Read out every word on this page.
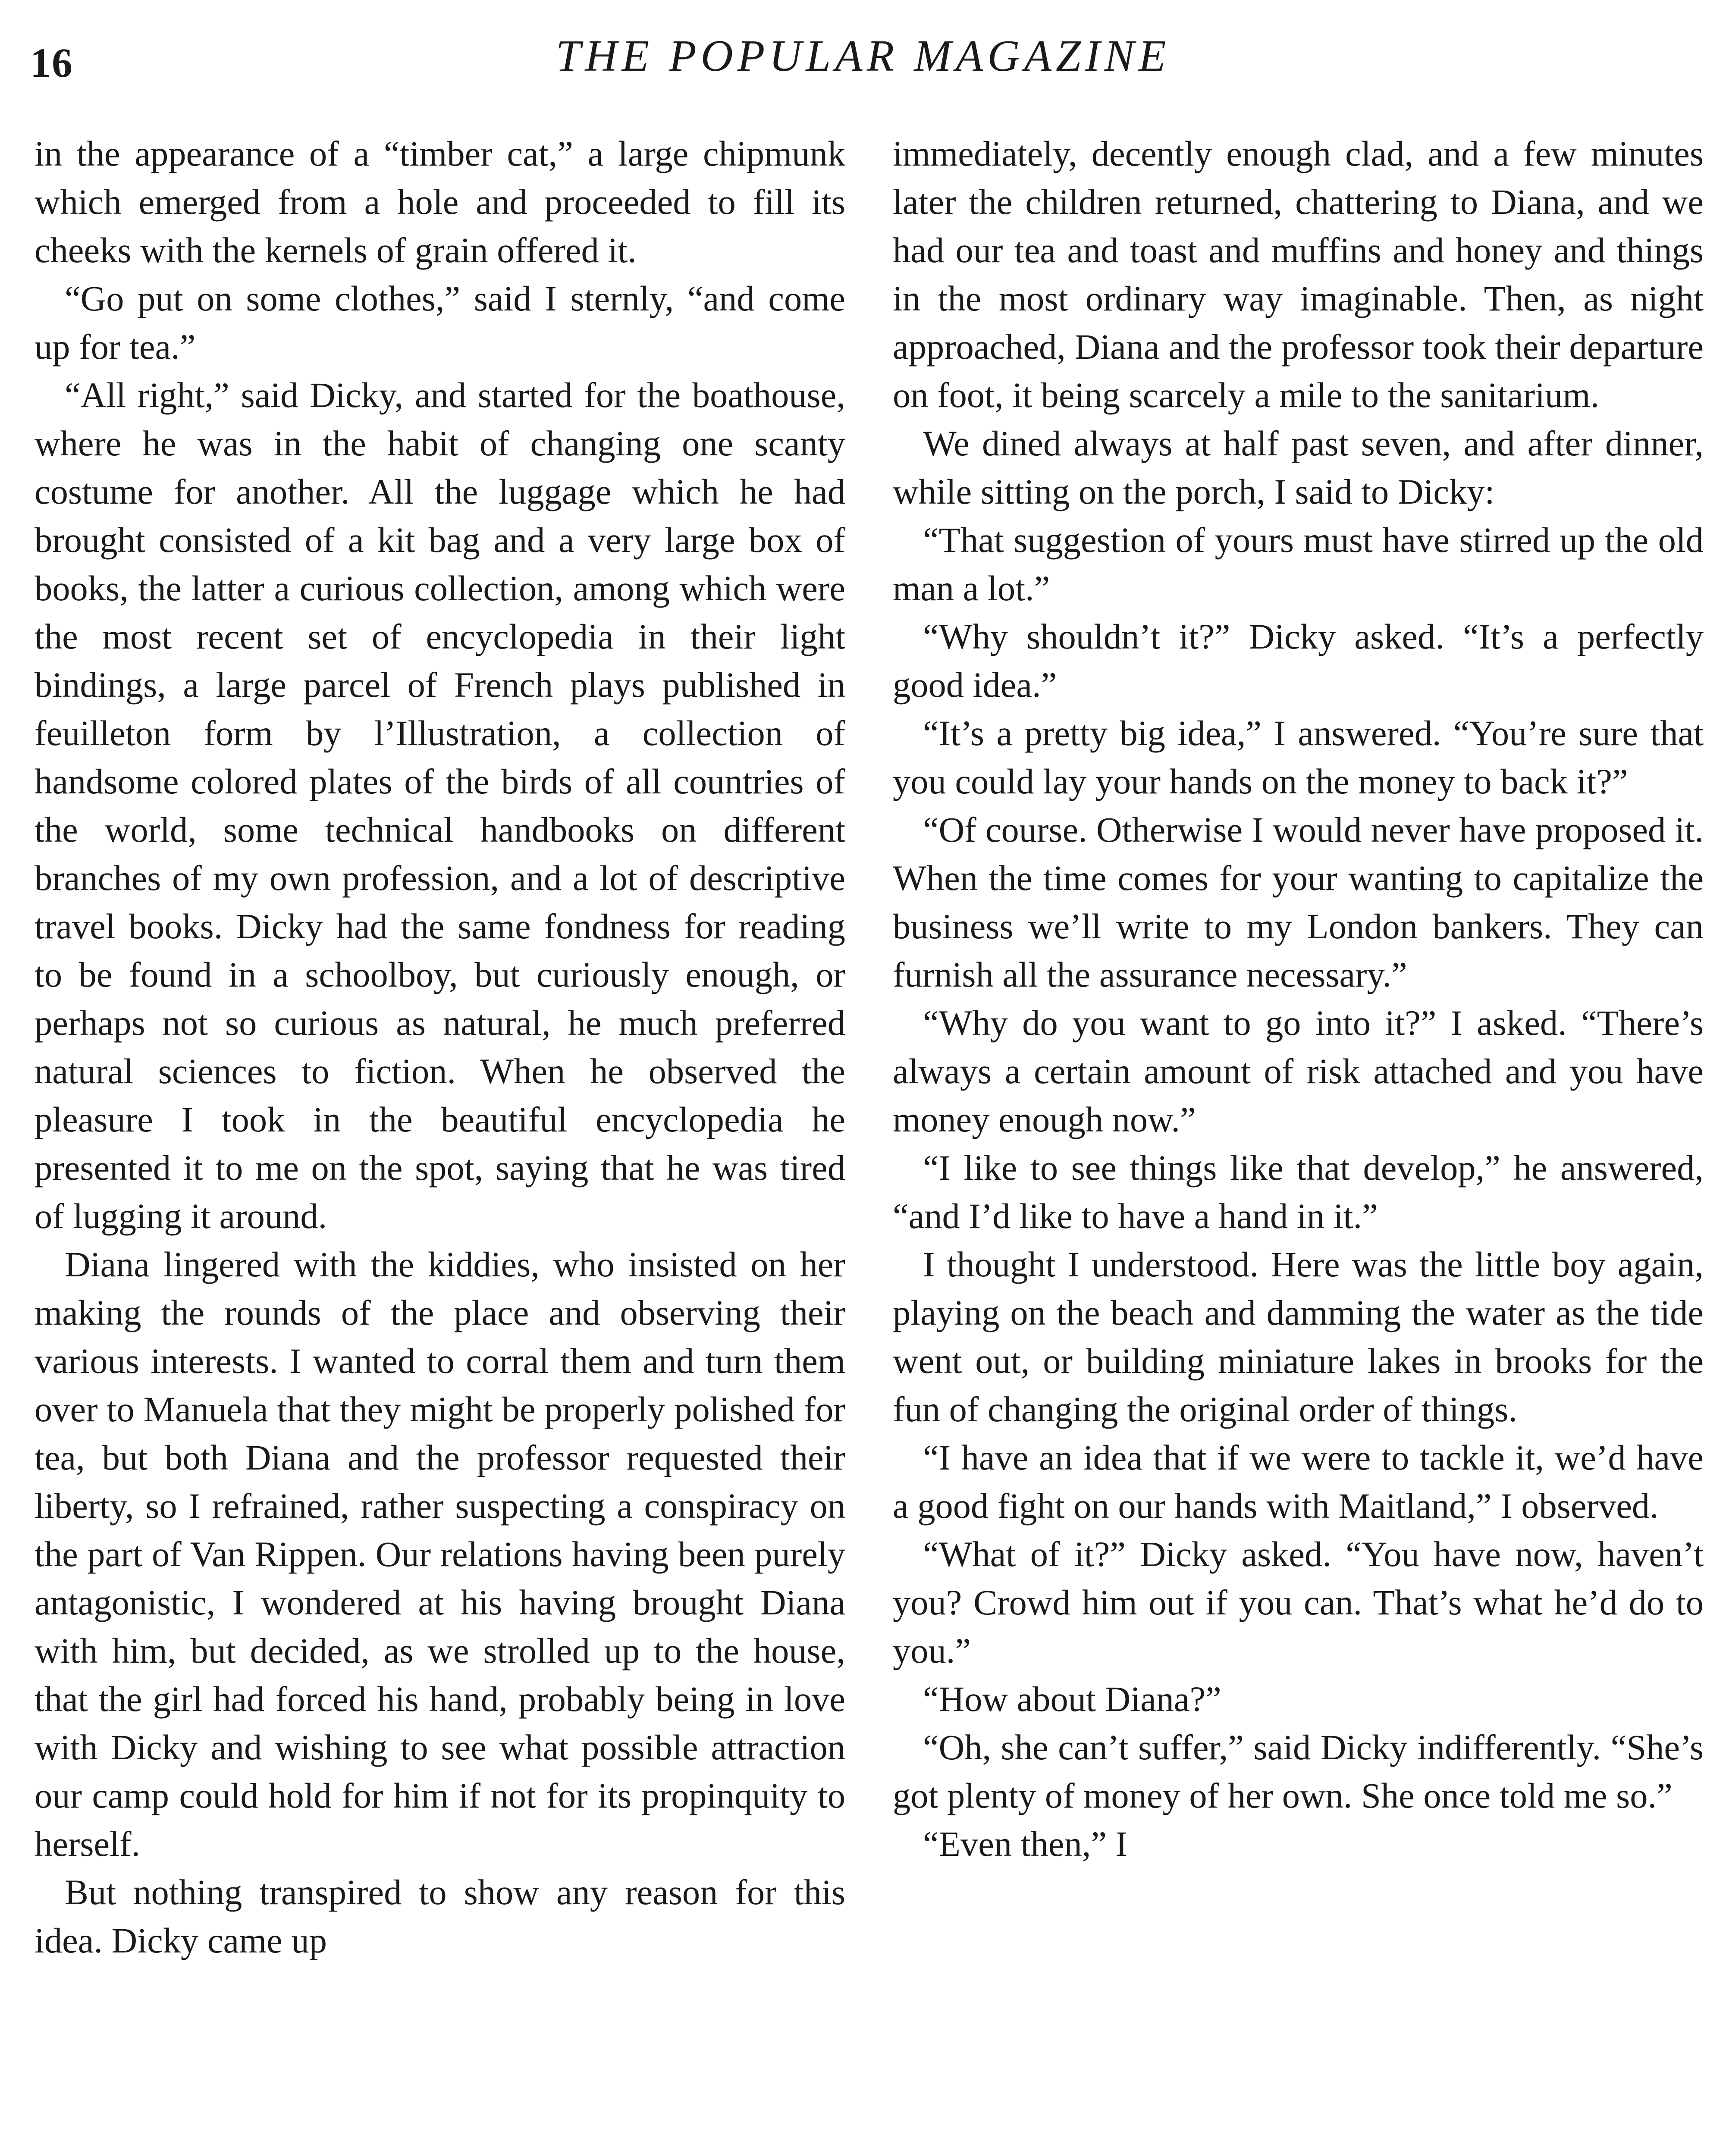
16	THE POPULAR MAGAZINE

in the appearance of a “timber cat,” a large chipmunk which emerged from a hole and proceeded to fill its cheeks with the kernels of grain offered it.

“Go put on some clothes,” said I sternly, “and come up for tea.”

“All right,” said Dicky, and started for the boathouse, where he was in the habit of changing one scanty costume for another. All the luggage which he had brought consisted of a kit bag and a very large box of books, the latter a curious collection, among which were the most recent set of encyclopedia in their light bindings, a large parcel of French plays published in feuilleton form by l’Illustration, a collection of handsome colored plates of the birds of all countries of the world, some technical handbooks on different branches of my own profession, and a lot of descriptive travel books. Dicky had the same fondness for reading to be found in a schoolboy, but curiously enough, or perhaps not so curious as natural, he much preferred natural sciences to fiction. When he observed the pleasure I took in the beautiful encyclopedia he presented it to me on the spot, saying that he was tired of lugging it around.

Diana lingered with the kiddies, who insisted on her making the rounds of the place and observing their various interests. I wanted to corral them and turn them over to Manuela that they might be properly polished for tea, but both Diana and the professor requested their liberty, so I refrained, rather suspecting a conspiracy on the part of Van Rippen. Our relations having been purely antagonistic, I wondered at his having brought Diana with him, but decided, as we strolled up to the house, that the girl had forced his hand, probably being in love with Dicky and wishing to see what possible attraction our camp could hold for him if not for its propinquity to herself.

But nothing transpired to show any reason for this idea. Dicky came up

immediately, decently enough clad, and a few minutes later the children returned, chattering to Diana, and we had our tea and toast and muffins and honey and things in the most ordinary way imaginable. Then, as night approached, Diana and the professor took their departure on foot, it being scarcely a mile to the sanitarium.

We dined always at half past seven, and after dinner, while sitting on the porch, I said to Dicky:

“That suggestion of yours must have stirred up the old man a lot.”

“Why shouldn’t it?” Dicky asked. “It’s a perfectly good idea.”

“It’s a pretty big idea,” I answered. “You’re sure that you could lay your hands on the money to back it?”

“Of course. Otherwise I would never have proposed it. When the time comes for your wanting to capitalize the business we’ll write to my London bankers. They can furnish all the assurance necessary.”

“Why do you want to go into it?” I asked. “There’s always a certain amount of risk attached and you have money enough now.”

“I like to see things like that develop,” he answered, “and I’d like to have a hand in it.”

I thought I understood. Here was the little boy again, playing on the beach and damming the water as the tide went out, or building miniature lakes in brooks for the fun of changing the original order of things.

“I have an idea that if we were to tackle it, we’d have a good fight on our hands with Maitland,” I observed.

“What of it?” Dicky asked. “You have now, haven’t you? Crowd him out if you can. That’s what he’d do to you.”

“How about Diana?”

“Oh, she can’t suffer,” said Dicky indifferently. “She’s got plenty of money of her own. She once told me so.”

“Even then,” I
